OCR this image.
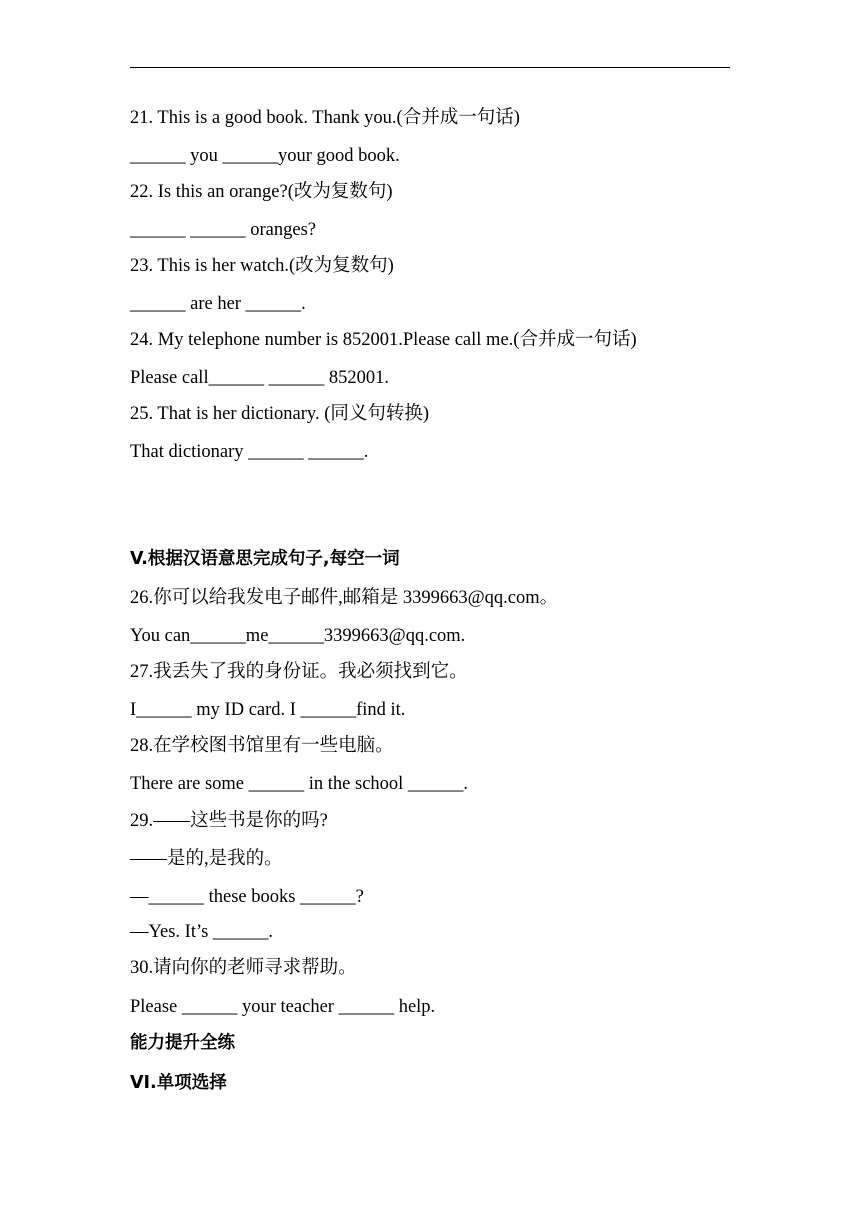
21. This is a good book. Thank you.(合并成一句话)

______ you ______your good book.

22. Is this an orange?(改为复数句)

______ ______ oranges?

23. This is her watch.(改为复数句)

______ are her ______.

24. My telephone number is 852001.Please call me.(合并成一句话)

Please call______ ______ 852001.

25. That is her dictionary. (同义句转换)

That dictionary ______ ______.

V.根据汉语意思完成句子,每空一词

26.你可以给我发电子邮件,邮箱是 3399663@qq.com。

You can______me______3399663@qq.com.

27.我丢失了我的身份证。我必须找到它。

I______ my ID card. I ______find it.

28.在学校图书馆里有一些电脑。

There are some ______ in the school ______.

29.——这些书是你的吗?

——是的,是我的。

—______ these books ______?

—Yes. It’s ______.

30.请向你的老师寻求帮助。

Please ______ your teacher ______ help.

能力提升全练

VI.单项选择
